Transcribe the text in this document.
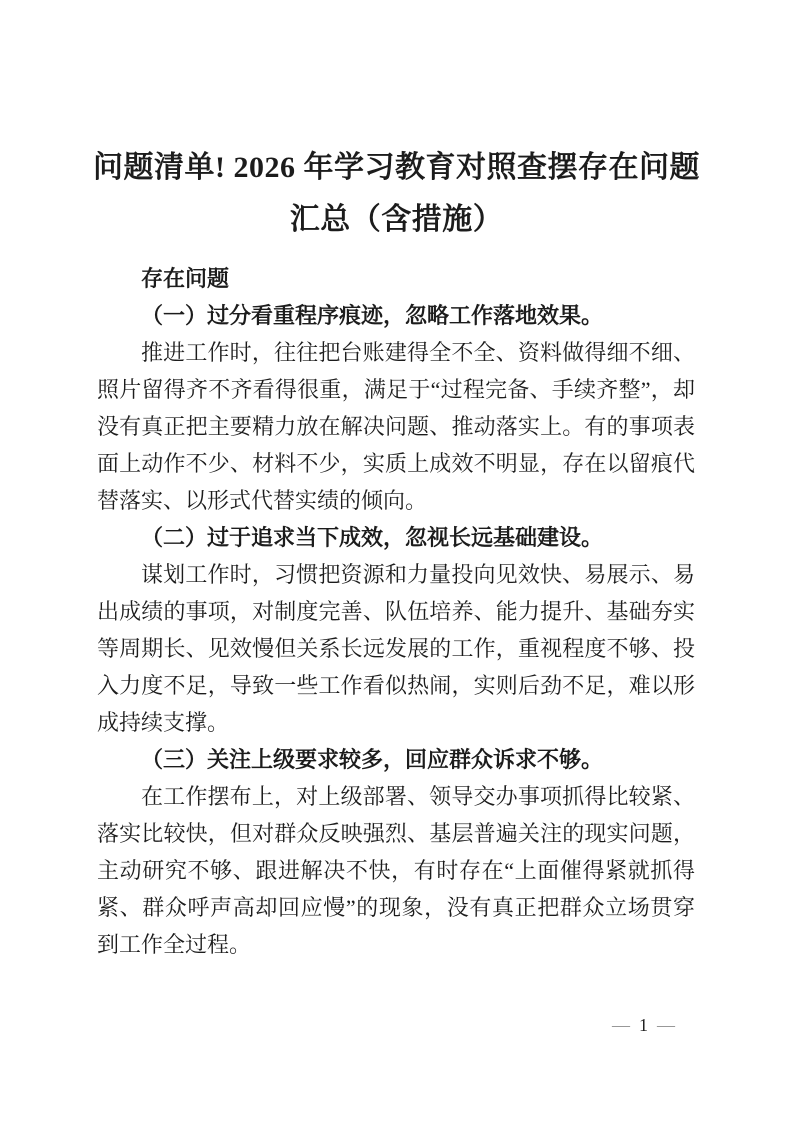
问题清单! 2026 年学习教育对照查摆存在问题汇总（含措施）
存在问题

（一）过分看重程序痕迹，忽略工作落地效果。

推进工作时，往往把台账建得全不全、资料做得细不细、照片留得齐不齐看得很重，满足于“过程完备、手续齐整”，却没有真正把主要精力放在解决问题、推动落实上。有的事项表面上动作不少、材料不少，实质上成效不明显，存在以留痕代替落实、以形式代替实绩的倾向。

（二）过于追求当下成效，忽视长远基础建设。

谋划工作时，习惯把资源和力量投向见效快、易展示、易出成绩的事项，对制度完善、队伍培养、能力提升、基础夯实等周期长、见效慢但关系长远发展的工作，重视程度不够、投入力度不足，导致一些工作看似热闹，实则后劲不足，难以形成持续支撑。

（三）关注上级要求较多，回应群众诉求不够。

在工作摆布上，对上级部署、领导交办事项抓得比较紧、落实比较快，但对群众反映强烈、基层普遍关注的现实问题，主动研究不够、跟进解决不快，有时存在“上面催得紧就抓得紧、群众呼声高却回应慢”的现象，没有真正把群众立场贯穿到工作全过程。

— 1 —
